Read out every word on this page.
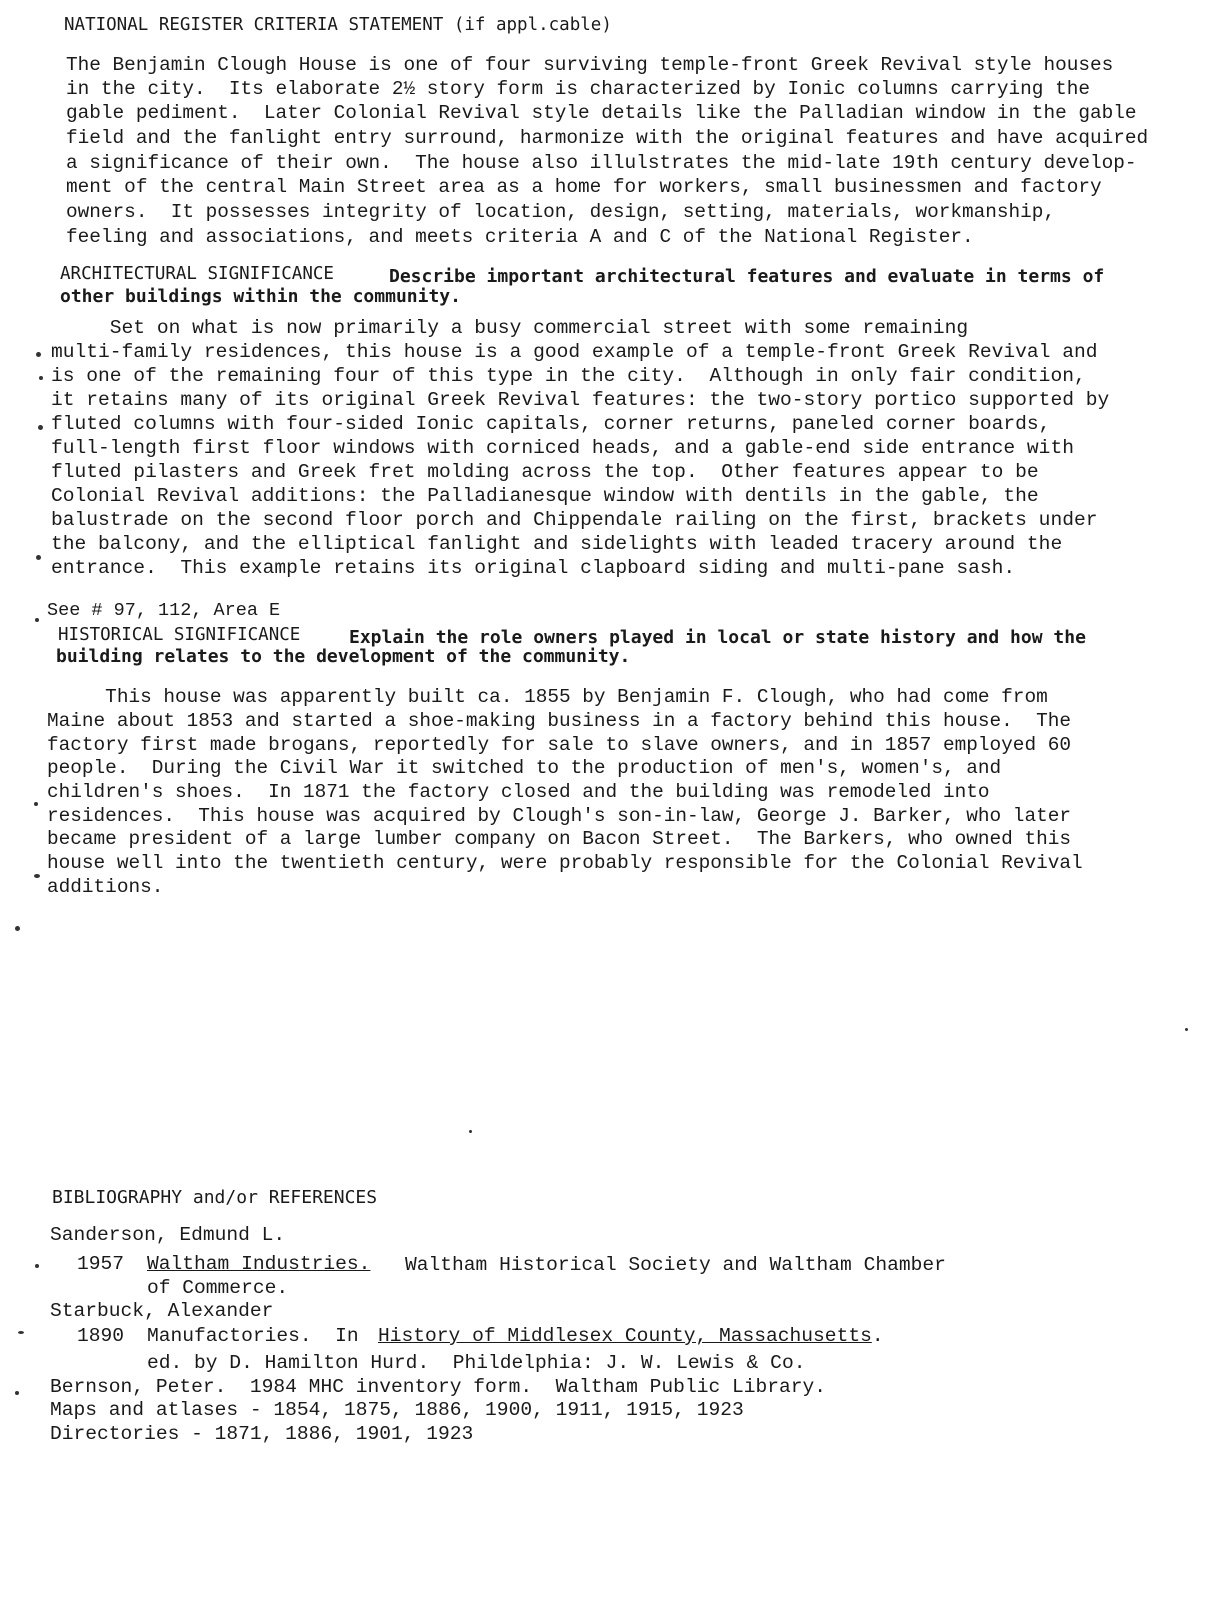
NATIONAL REGISTER CRITERIA STATEMENT (if appl.cable)
The Benjamin Clough House is one of four surviving temple-front Greek Revival style houses
in the city.  Its elaborate 2½ story form is characterized by Ionic columns carrying the
gable pediment.  Later Colonial Revival style details like the Palladian window in the gable
field and the fanlight entry surround, harmonize with the original features and have acquired
a significance of their own.  The house also illulstrates the mid-late 19th century develop-
ment of the central Main Street area as a home for workers, small businessmen and factory
owners.  It possesses integrity of location, design, setting, materials, workmanship,
feeling and associations, and meets criteria A and C of the National Register.
ARCHITECTURAL SIGNIFICANCE	Describe important architectural features and evaluate in terms of
other buildings within the community.
Set on what is now primarily a busy commercial street with some remaining
multi-family residences, this house is a good example of a temple-front Greek Revival and
is one of the remaining four of this type in the city.  Although in only fair condition,
it retains many of its original Greek Revival features: the two-story portico supported by
fluted columns with four-sided Ionic capitals, corner returns, paneled corner boards,
full-length first floor windows with corniced heads, and a gable-end side entrance with
fluted pilasters and Greek fret molding across the top.  Other features appear to be
Colonial Revival additions: the Palladianesque window with dentils in the gable, the
balustrade on the second floor porch and Chippendale railing on the first, brackets under
the balcony, and the elliptical fanlight and sidelights with leaded tracery around the
entrance.  This example retains its original clapboard siding and multi-pane sash.
See # 97, 112, Area E
HISTORICAL SIGNIFICANCE	Explain the role owners played in local or state history and how the
building relates to the development of the community.
This house was apparently built ca. 1855 by Benjamin F. Clough, who had come from
Maine about 1853 and started a shoe-making business in a factory behind this house.  The
factory first made brogans, reportedly for sale to slave owners, and in 1857 employed 60
people.  During the Civil War it switched to the production of men's, women's, and
children's shoes.  In 1871 the factory closed and the building was remodeled into
residences.  This house was acquired by Clough's son-in-law, George J. Barker, who later
became president of a large lumber company on Bacon Street.  The Barkers, who owned this
house well into the twentieth century, were probably responsible for the Colonial Revival
additions.
BIBLIOGRAPHY and/or REFERENCES
Sanderson, Edmund L.
1957 Waltham Industries. Waltham Historical Society and Waltham Chamber
of Commerce.
Starbuck, Alexander
1890 Manufactories.  In History of Middlesex County, Massachusetts.
ed. by D. Hamilton Hurd.  Phildelphia: J. W. Lewis & Co.
Bernson, Peter.  1984 MHC inventory form.  Waltham Public Library.
Maps and atlases - 1854, 1875, 1886, 1900, 1911, 1915, 1923
Directories - 1871, 1886, 1901, 1923
